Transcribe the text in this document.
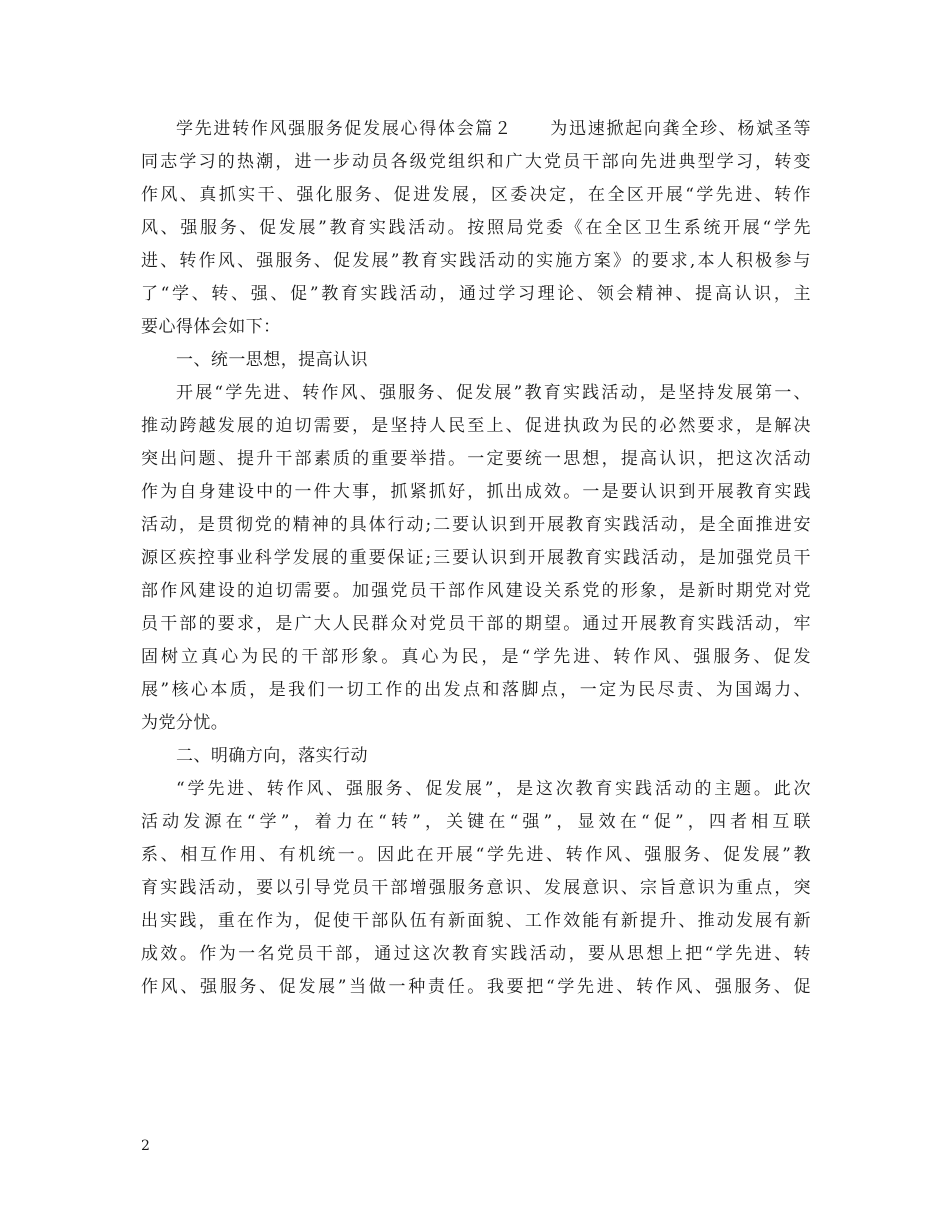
学先进转作风强服务促发展心得体会篇２　　为迅速掀起向龚全珍、杨斌圣等
同志学习的热潮，进一步动员各级党组织和广大党员干部向先进典型学习，转变
作风、真抓实干、强化服务、促进发展，区委决定，在全区开展“学先进、转作
风、强服务、促发展”教育实践活动。按照局党委《在全区卫生系统开展“学先
进、转作风、强服务、促发展”教育实践活动的实施方案》的要求,本人积极参与
了“学、转、强、促”教育实践活动，通过学习理论、领会精神、提高认识，主
要心得体会如下：
一、统一思想，提高认识
开展“学先进、转作风、强服务、促发展”教育实践活动，是坚持发展第一、
推动跨越发展的迫切需要，是坚持人民至上、促进执政为民的必然要求，是解决
突出问题、提升干部素质的重要举措。一定要统一思想，提高认识，把这次活动
作为自身建设中的一件大事，抓紧抓好，抓出成效。一是要认识到开展教育实践
活动，是贯彻党的精神的具体行动;二要认识到开展教育实践活动，是全面推进安
源区疾控事业科学发展的重要保证;三要认识到开展教育实践活动，是加强党员干
部作风建设的迫切需要。加强党员干部作风建设关系党的形象，是新时期党对党
员干部的要求，是广大人民群众对党员干部的期望。通过开展教育实践活动，牢
固树立真心为民的干部形象。真心为民，是“学先进、转作风、强服务、促发
展”核心本质，是我们一切工作的出发点和落脚点，一定为民尽责、为国竭力、
为党分忧。
二、明确方向，落实行动
“学先进、转作风、强服务、促发展”，是这次教育实践活动的主题。此次
活动发源在“学”，着力在“转”，关键在“强”，显效在“促”，四者相互联
系、相互作用、有机统一。因此在开展“学先进、转作风、强服务、促发展”教
育实践活动，要以引导党员干部增强服务意识、发展意识、宗旨意识为重点，突
出实践，重在作为，促使干部队伍有新面貌、工作效能有新提升、推动发展有新
成效。作为一名党员干部，通过这次教育实践活动，要从思想上把“学先进、转
作风、强服务、促发展”当做一种责任。我要把“学先进、转作风、强服务、促
2
